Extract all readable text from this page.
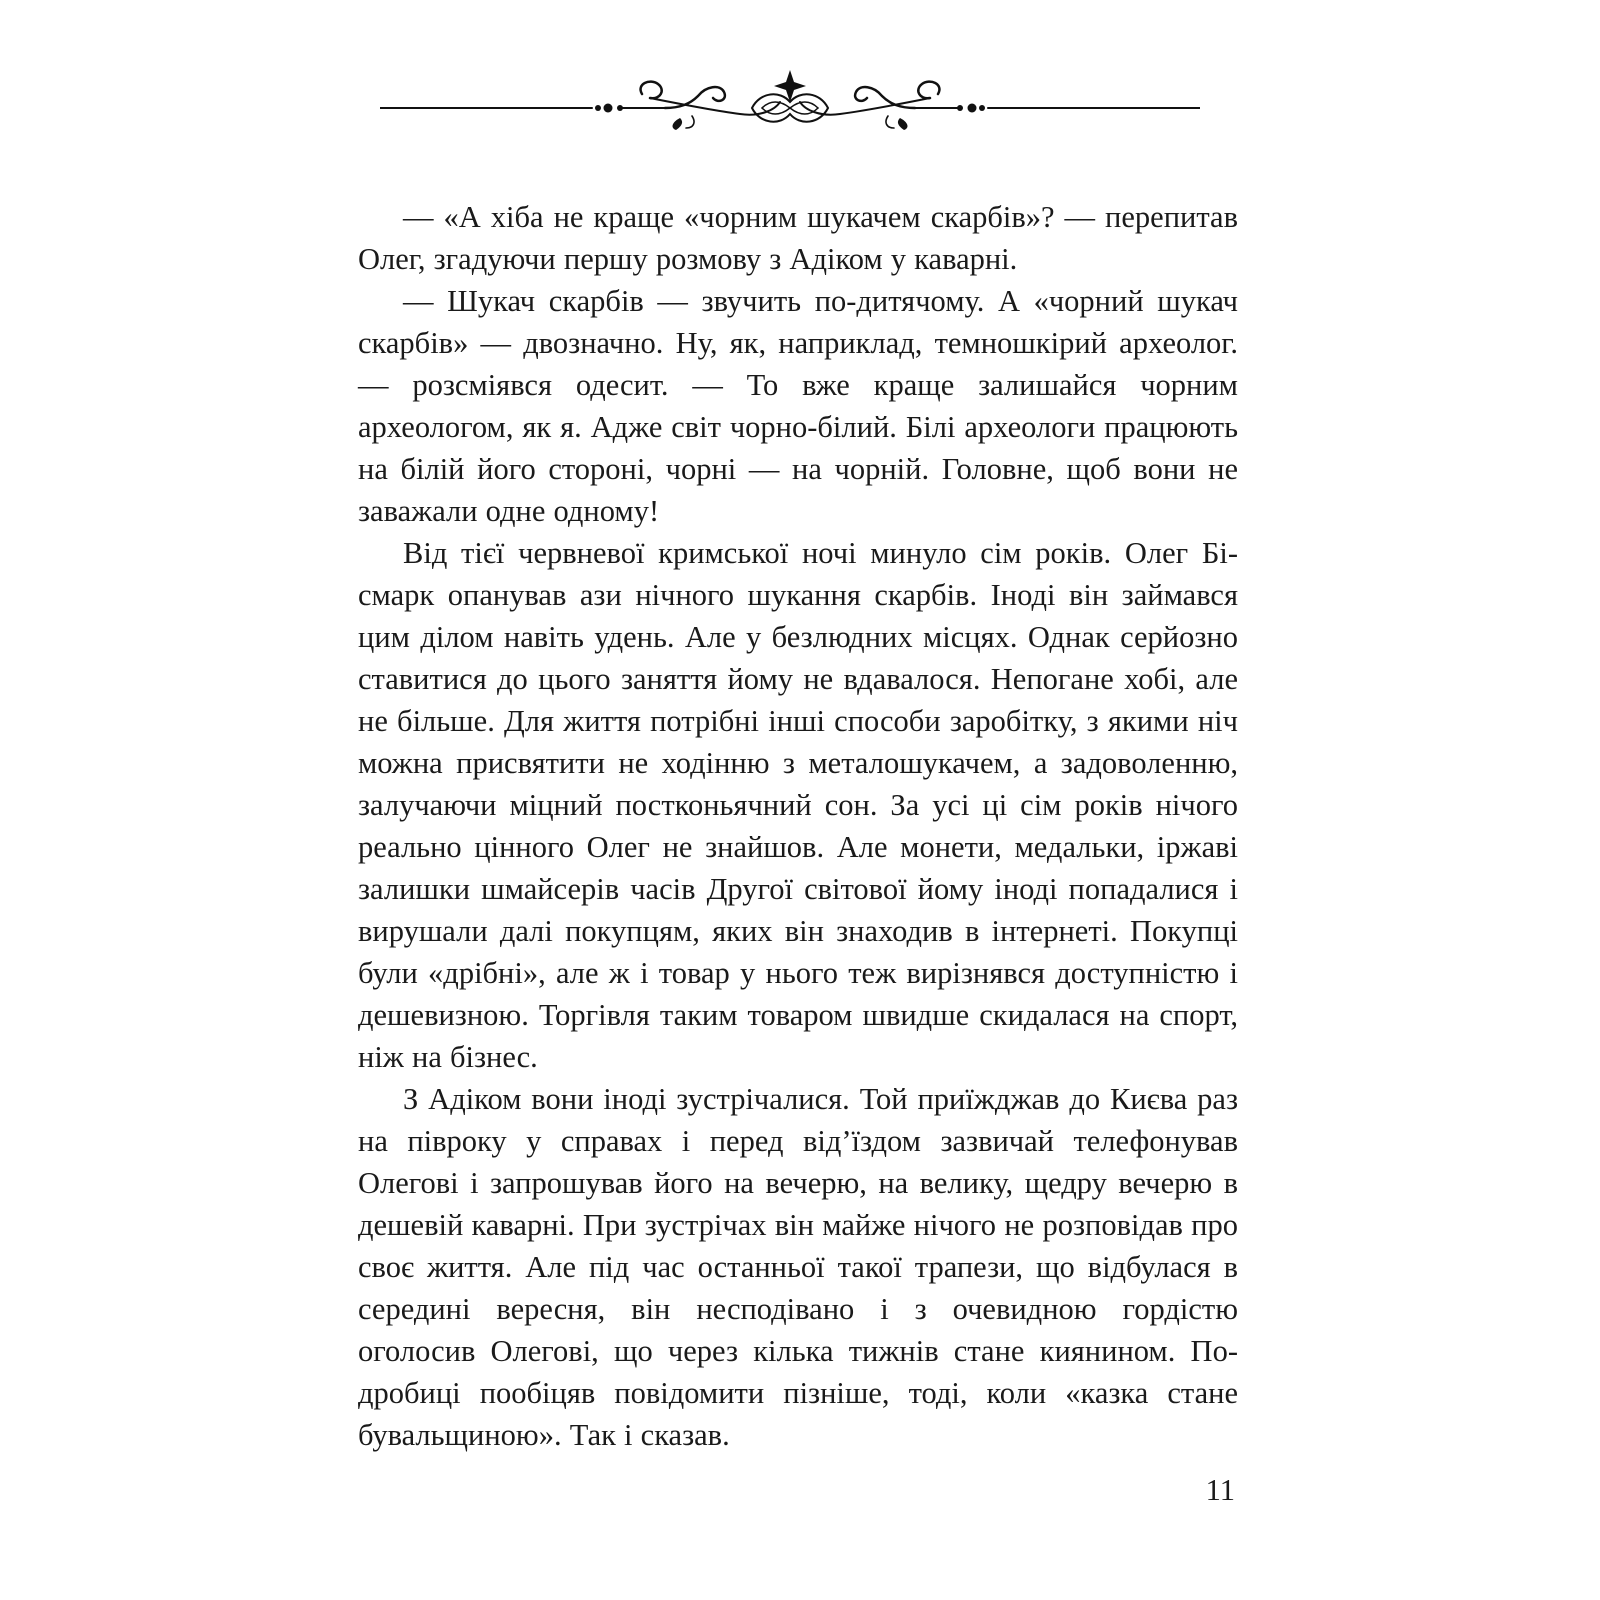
— «А хіба не краще «чорним шукачем скарбів»? — перепитав Олег, згадуючи першу розмову з Адіком у каварні.

— Шукач скарбів — звучить по-дитячому. А «чорний шукач скарбів» — двозначно. Ну, як, наприклад, темношкірий археолог. — розсміявся одесит. — То вже краще залишайся чорним археологом, як я. Адже світ чорно-білий. Білі археологи працюють на білій його стороні, чорні — на чорній. Головне, щоб вони не заважали одне одному!

Від тієї червневої кримської ночі минуло сім років. Олег Бісмарк опанував ази нічного шукання скарбів. Іноді він займався цим ділом навіть удень. Але у безлюдних місцях. Однак серйозно ставитися до цього заняття йому не вдавалося. Непогане хобі, але не більше. Для життя потрібні інші способи заробітку, з якими ніч можна присвятити не ходінню з металошукачем, а задоволенню, залучаючи міцний постконьячний сон. За усі ці сім років нічого реально цінного Олег не знайшов. Але монети, медальки, іржаві залишки шмайсерів часів Другої світової йому іноді попадалися і вирушали далі покупцям, яких він знаходив в інтернеті. Покупці були «дрібні», але ж і товар у нього теж вирізнявся доступністю і дешевизною. Торгівля таким товаром швидше скидалася на спорт, ніж на бізнес.

З Адіком вони іноді зустрічалися. Той приїжджав до Києва раз на півроку у справах і перед від’їздом зазвичай телефонував Олегові і запрошував його на вечерю, на велику, щедру вечерю в дешевій каварні. При зустрічах він майже нічого не розповідав про своє життя. Але під час останньої такої трапези, що відбулася в середині вересня, він несподівано і з очевидною гордістю оголосив Олегові, що через кілька тижнів стане киянином. Подробиці пообіцяв повідомити пізніше, тоді, коли «казка стане бувальщиною». Так і сказав.

11
